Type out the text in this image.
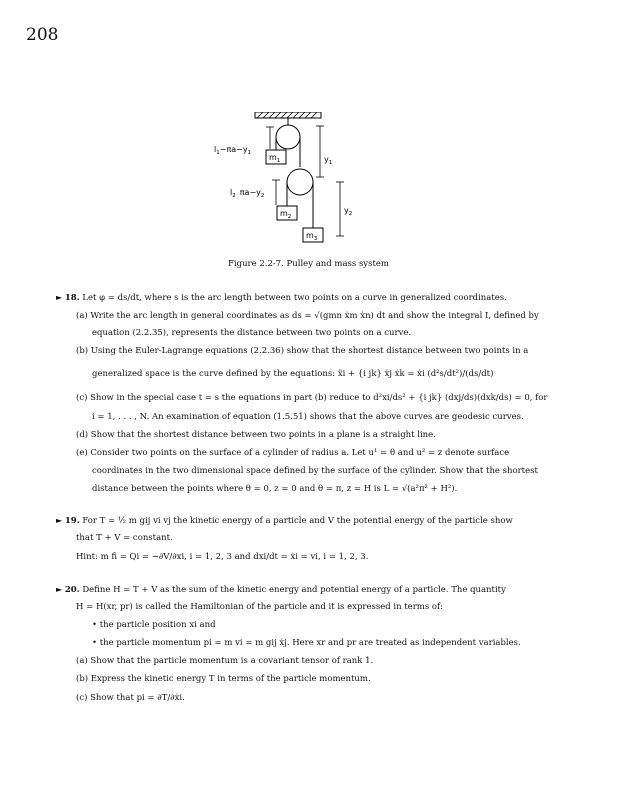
208
$l_1-\pi a-y_1$ $m_1$	$y_1$
$l_2$ $\pi a-y_2$
$m_2$
$y_2$
$m_3$
Figure 2.2-7. Pulley and mass system
► 18. Let φ = ds/dt, where s is the arc length between two points on a curve in generalized coordinates.
(a) Write the arc length in general coordinates as ds = √(gmn ẋm ẋn) dt and show the integral I, defined by
equation (2.2.35), represents the distance between two points on a curve.
(b) Using the Euler-Lagrange equations (2.2.36) show that the shortest distance between two points in a
generalized space is the curve defined by the equations: ẍi + {i jk} ẋj ẋk = ẋi (d²s/dt²)/(ds/dt)
(c) Show in the special case t = s the equations in part (b) reduce to d²xi/ds² + {i jk} (dxj/ds)(dxk/ds) = 0, for
i = 1, . . . , N. An examination of equation (1.5.51) shows that the above curves are geodesic curves.
(d) Show that the shortest distance between two points in a plane is a straight line.
(e) Consider two points on the surface of a cylinder of radius a. Let u¹ = θ and u² = z denote surface
coordinates in the two dimensional space defined by the surface of the cylinder. Show that the shortest
distance between the points where θ = 0, z = 0 and θ = π, z = H is L = √(a²π² + H²).
► 19. For T = ½ m gij vi vj the kinetic energy of a particle and V the potential energy of the particle show
that T + V = constant.
Hint: m fi = Qi = −∂V/∂xi, i = 1, 2, 3 and dxi/dt = ẋi = vi, i = 1, 2, 3.
► 20. Define H = T + V as the sum of the kinetic energy and potential energy of a particle. The quantity
H = H(xr, pr) is called the Hamiltonian of the particle and it is expressed in terms of:
• the particle position xi and
• the particle momentum pi = m vi = m gij ẋj. Here xr and pr are treated as independent variables.
(a) Show that the particle momentum is a covariant tensor of rank 1.
(b) Express the kinetic energy T in terms of the particle momentum.
(c) Show that pi = ∂T/∂ẋi.
